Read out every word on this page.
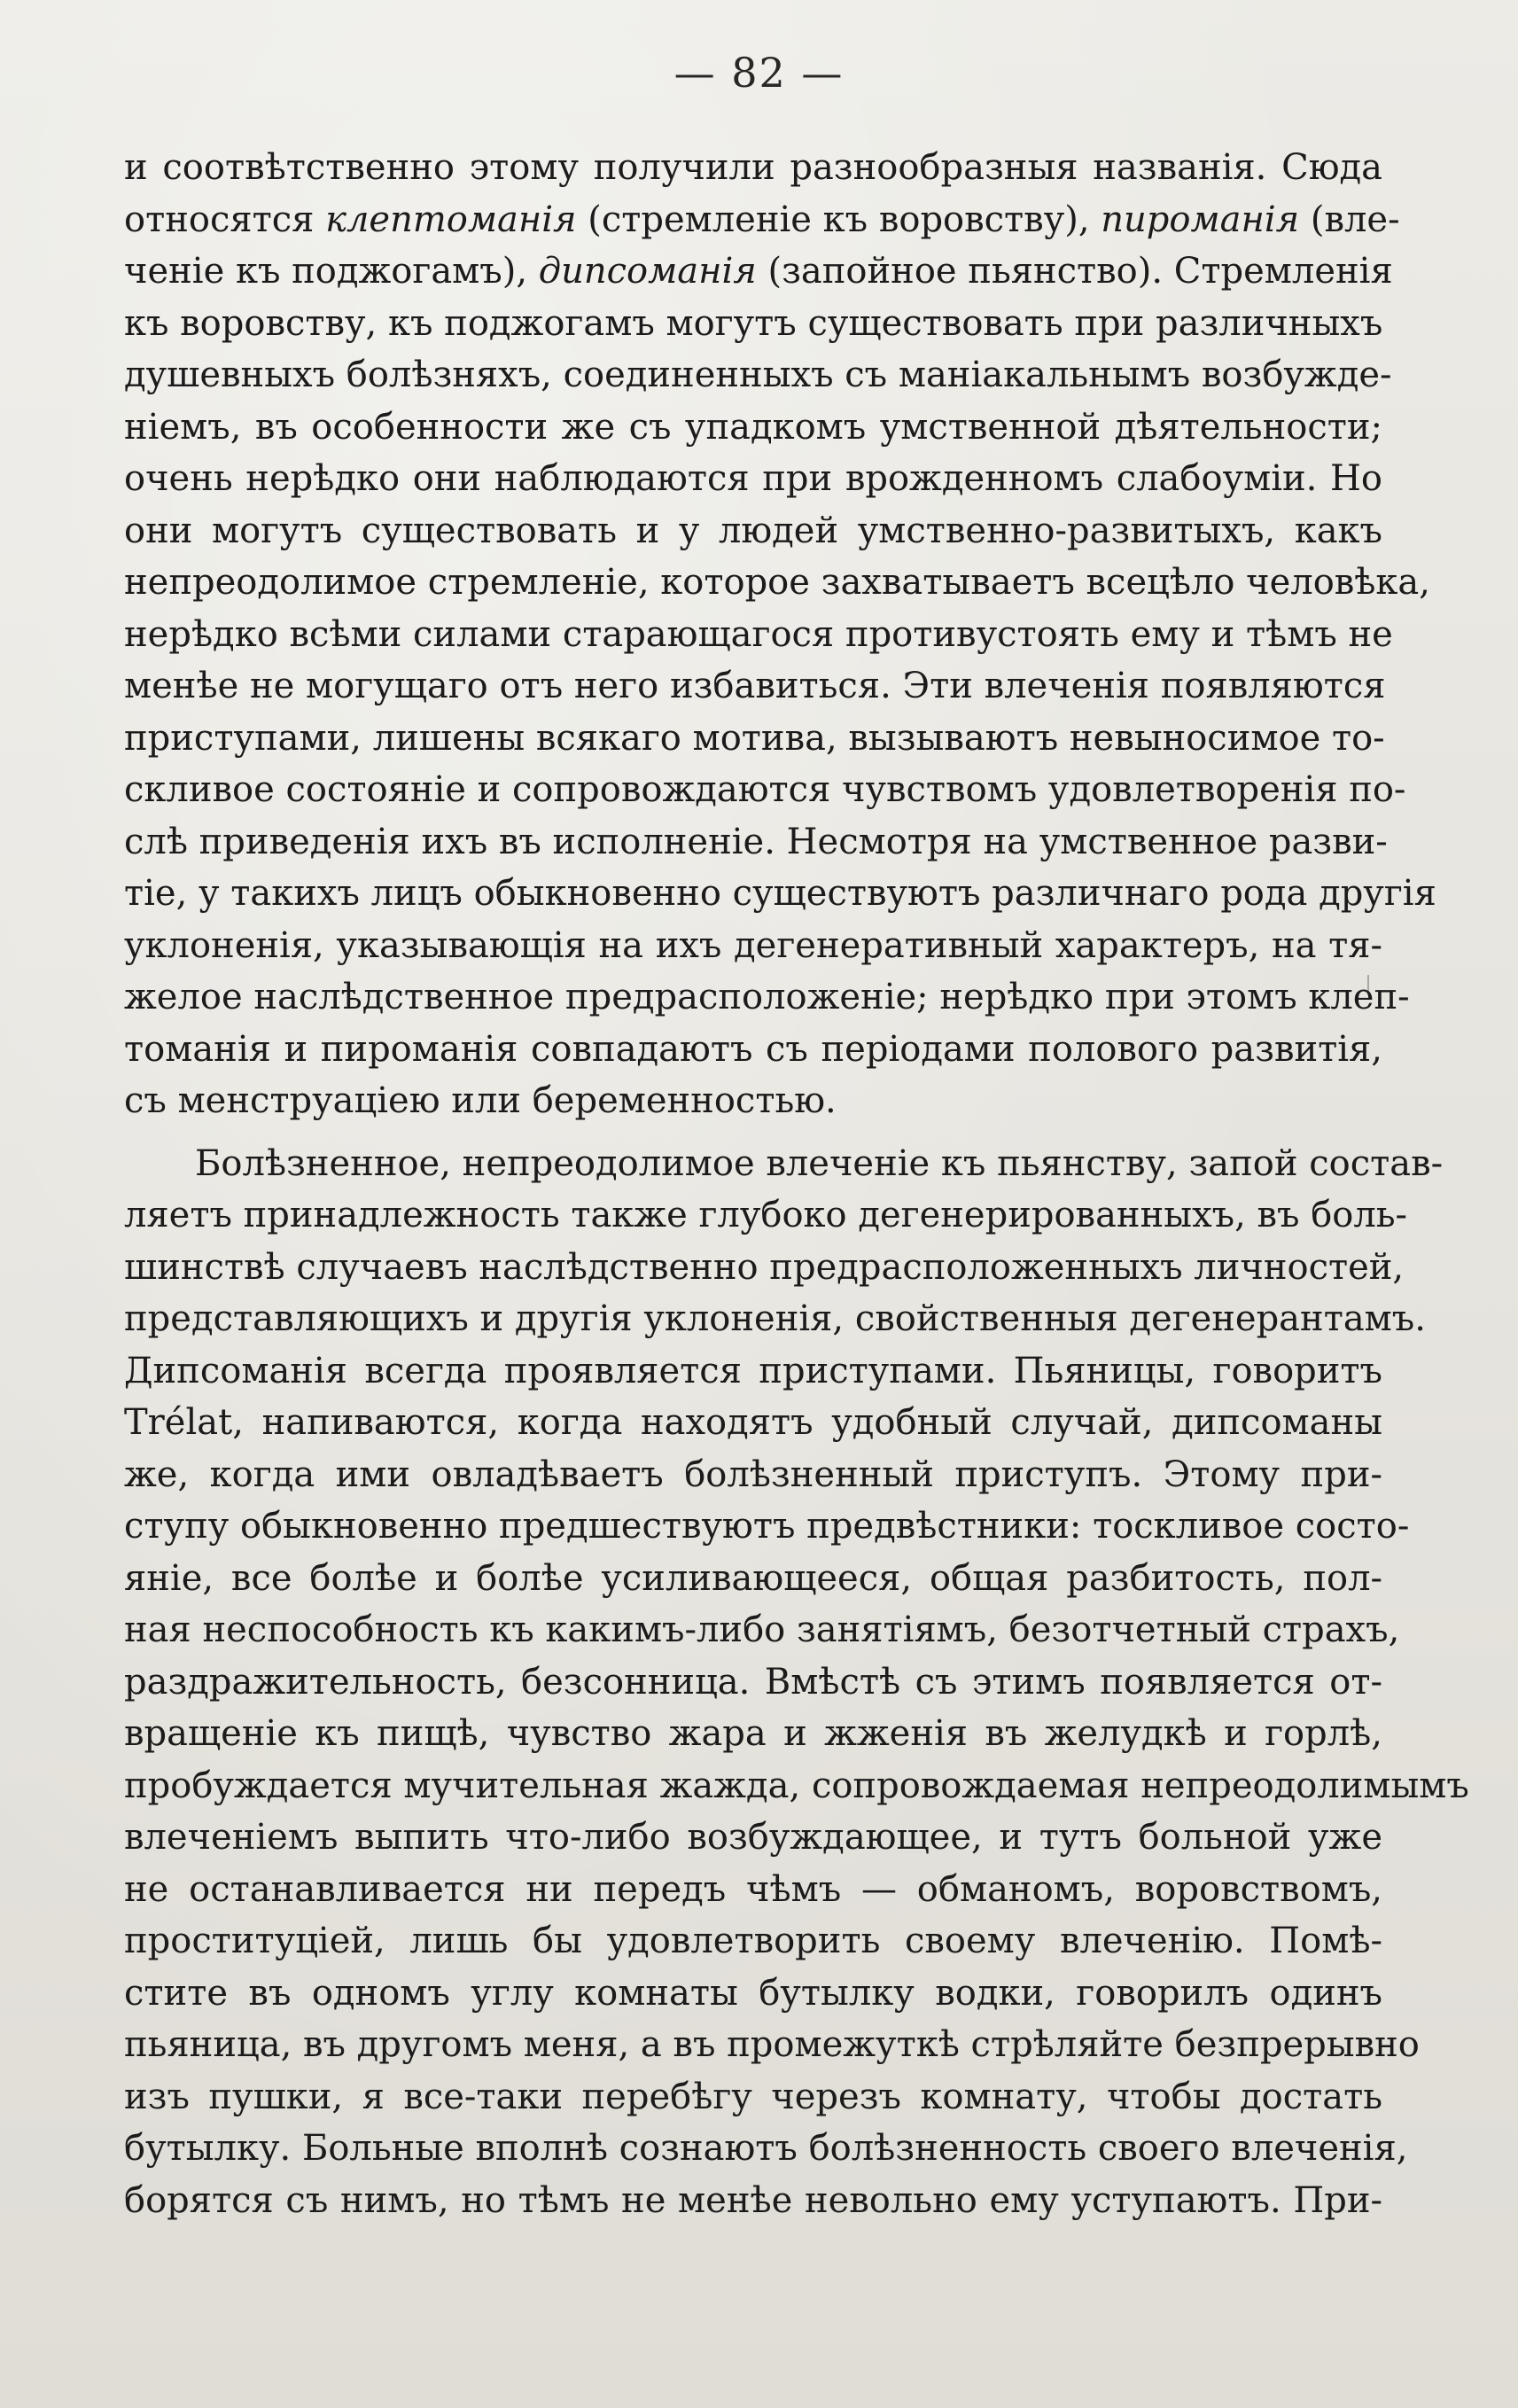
— 82 —
и соотвѣтственно этому получили разнообразныя названія. Сюда
относятся клептоманія (стремленіе къ воровству), пироманія (вле-
ченіе къ поджогамъ), дипсоманія (запойное пьянство). Стремленія
къ воровству, къ поджогамъ могутъ существовать при различныхъ
душевныхъ болѣзняхъ, соединенныхъ съ маніакальнымъ возбужде-
ніемъ, въ особенности же съ упадкомъ умственной дѣятельности;
очень нерѣдко они наблюдаются при врожденномъ слабоуміи. Но
они могутъ существовать и у людей умственно-развитыхъ, какъ
непреодолимое стремленіе, которое захватываетъ всецѣло человѣка,
нерѣдко всѣми силами старающагося противустоять ему и тѣмъ не
менѣе не могущаго отъ него избавиться. Эти влеченія появляются
приступами, лишены всякаго мотива, вызываютъ невыносимое то-
скливое состояніе и сопровождаются чувствомъ удовлетворенія по-
слѣ приведенія ихъ въ исполненіе. Несмотря на умственное разви-
тіе, у такихъ лицъ обыкновенно существуютъ различнаго рода другія
уклоненія, указывающія на ихъ дегенеративный характеръ, на тя-
желое наслѣдственное предрасположеніе; нерѣдко при этомъ клеп-
томанія и пироманія совпадаютъ съ періодами полового развитія,
съ менструаціею или беременностью.
Болѣзненное, непреодолимое влеченіе къ пьянству, запой состав-
ляетъ принадлежность также глубоко дегенерированныхъ, въ боль-
шинствѣ случаевъ наслѣдственно предрасположенныхъ личностей,
представляющихъ и другія уклоненія, свойственныя дегенерантамъ.
Дипсоманія всегда проявляется приступами. Пьяницы, говоритъ
Trélat, напиваются, когда находятъ удобный случай, дипсоманы
же, когда ими овладѣваетъ болѣзненный приступъ. Этому при-
ступу обыкновенно предшествуютъ предвѣстники: тоскливое состо-
яніе, все болѣе и болѣе усиливающееся, общая разбитость, пол-
ная неспособность къ какимъ-либо занятіямъ, безотчетный страхъ,
раздражительность, безсонница. Вмѣстѣ съ этимъ появляется от-
вращеніе къ пищѣ, чувство жара и жженія въ желудкѣ и горлѣ,
пробуждается мучительная жажда, сопровождаемая непреодолимымъ
влеченіемъ выпить что-либо возбуждающее, и тутъ больной уже
не останавливается ни передъ чѣмъ — обманомъ, воровствомъ,
проституціей, лишь бы удовлетворить своему влеченію. Помѣ-
стите въ одномъ углу комнаты бутылку водки, говорилъ одинъ
пьяница, въ другомъ меня, а въ промежуткѣ стрѣляйте безпрерывно
изъ пушки, я все-таки перебѣгу черезъ комнату, чтобы достать
бутылку. Больные вполнѣ сознаютъ болѣзненность своего влеченія,
борятся съ нимъ, но тѣмъ не менѣе невольно ему уступаютъ. При-
